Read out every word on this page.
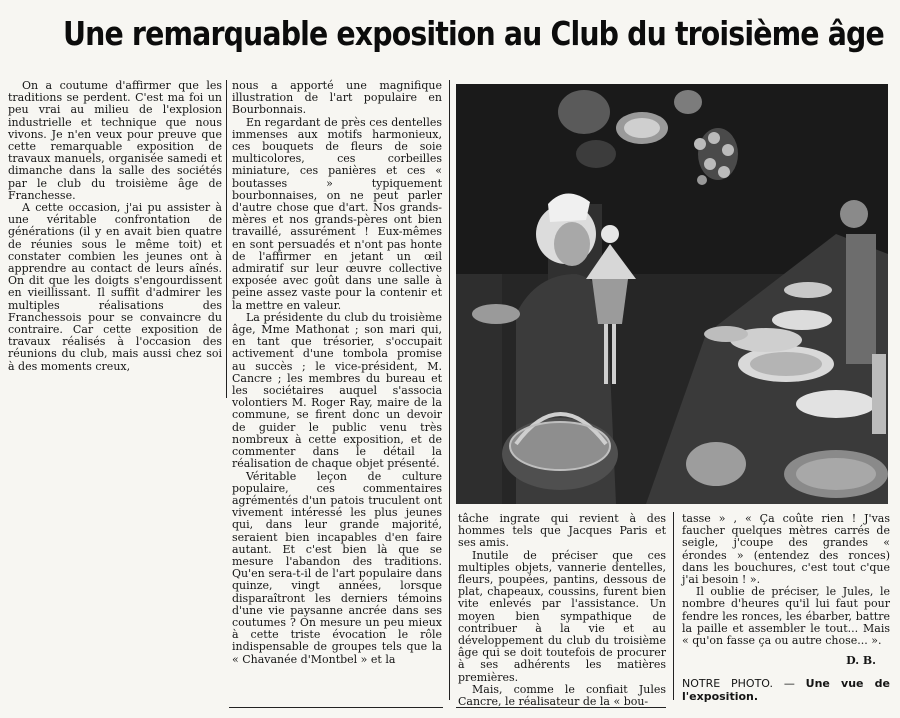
Une remarquable exposition au Club du troisième âge

On a coutume d'affirmer que les traditions se perdent. C'est ma foi un peu vrai au milieu de l'explosion industrielle et technique que nous vivons. Je n'en veux pour preuve que cette remarquable exposition de travaux manuels, organisée samedi et dimanche dans la salle des sociétés par le club du troisième âge de Franchesse.

A cette occasion, j'ai pu assister à une véritable confrontation de générations (il y en avait bien quatre de réunies sous le même toit) et constater combien les jeunes ont à apprendre au contact de leurs aînés. On dit que les doigts s'engourdissent en vieillissant. Il suffit d'admirer les multiples réalisations des Franchessois pour se convaincre du contraire. Car cette exposition de travaux réalisés à l'occasion des réunions du club, mais aussi chez soi à des moments creux,

nous a apporté une magnifique illustration de l'art populaire en Bourbonnais.

En regardant de près ces dentelles immenses aux motifs harmonieux, ces bouquets de fleurs de soie multicolores, ces corbeilles miniature, ces panières et ces « boutasses » typiquement bourbonnaises, on ne peut parler d'autre chose que d'art. Nos grands-mères et nos grands-pères ont bien travaillé, assurément ! Eux-mêmes en sont persuadés et n'ont pas honte de l'affirmer en jetant un œil admiratif sur leur œuvre collective exposée avec goût dans une salle à peine assez vaste pour la contenir et la mettre en valeur.

La présidente du club du troisième âge, Mme Mathonat ; son mari qui, en tant que trésorier, s'occupait activement d'une tombola promise au succès ; le vice-président, M. Cancre ; les membres du bureau et les sociétaires auquel s'associa volontiers M. Roger Ray, maire de la commune, se firent donc un devoir de guider le public venu très nombreux à cette exposition, et de commenter dans le détail la réalisation de chaque objet présenté.

Véritable leçon de culture populaire, ces commentaires agrémentés d'un patois truculent ont vivement intéressé les plus jeunes qui, dans leur grande majorité, seraient bien incapables d'en faire autant. Et c'est bien là que se mesure l'abandon des traditions. Qu'en sera-t-il de l'art populaire dans quinze, vingt années, lorsque disparaîtront les derniers témoins d'une vie paysanne ancrée dans ses coutumes ? On mesure un peu mieux à cette triste évocation le rôle indispensable de groupes tels que la « Chavanée d'Montbel » et la

tâche ingrate qui revient à des hommes tels que Jacques Paris et ses amis.

Inutile de préciser que ces multiples objets, vannerie dentelles, fleurs, poupées, pantins, dessous de plat, chapeaux, coussins, furent bien vite enlevés par l'assistance. Un moyen bien sympathique de contribuer à la vie et au développement du club du troisième âge qui se doit toutefois de procurer à ses adhérents les matières premières.

Mais, comme le confiait Jules Cancre, le réalisateur de la « bou-

tasse » , « Ça coûte rien ! J'vas faucher quelques mètres carrés de seigle, j'coupe des grandes « érondes » (entendez des ronces) dans les bouchures, c'est tout c'que j'ai besoin ! ».

Il oublie de préciser, le Jules, le nombre d'heures qu'il lui faut pour fendre les ronces, les ébarber, battre la paille et assembler le tout... Mais « qu'on fasse ça ou autre chose... ».

D. B.
NOTRE PHOTO. — Une vue de l'exposition.
